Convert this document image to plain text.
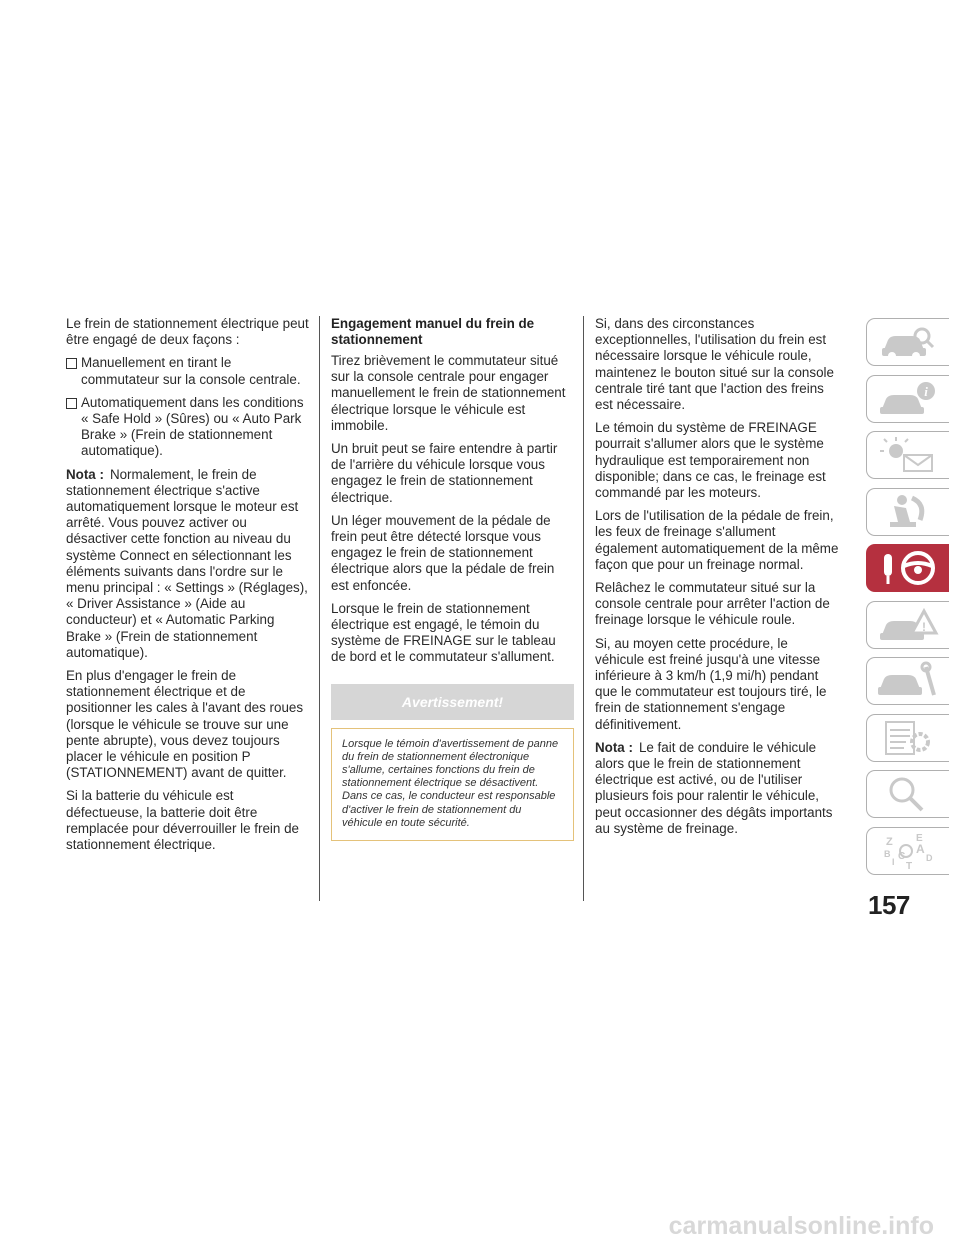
Le frein de stationnement électrique peut être engagé de deux façons :

Manuellement en tirant le commutateur sur la console centrale.

Automatiquement dans les conditions « Safe Hold » (Sûres) ou « Auto Park Brake » (Frein de stationnement automatique).

Nota : Normalement, le frein de stationnement électrique s'active automatiquement lorsque le moteur est arrêté. Vous pouvez activer ou désactiver cette fonction au niveau du système Connect en sélectionnant les éléments suivants dans l'ordre sur le menu principal : « Settings » (Réglages), « Driver Assistance » (Aide au conducteur) et « Automatic Parking Brake » (Frein de stationnement automatique).

En plus d'engager le frein de stationnement électrique et de positionner les cales à l'avant des roues (lorsque le véhicule se trouve sur une pente abrupte), vous devez toujours placer le véhicule en position P (STATIONNEMENT) avant de quitter.

Si la batterie du véhicule est défectueuse, la batterie doit être remplacée pour déverrouiller le frein de stationnement électrique.

Engagement manuel du frein de stationnement

Tirez brièvement le commutateur situé sur la console centrale pour engager manuellement le frein de stationnement électrique lorsque le véhicule est immobile.

Un bruit peut se faire entendre à partir de l'arrière du véhicule lorsque vous engagez le frein de stationnement électrique.

Un léger mouvement de la pédale de frein peut être détecté lorsque vous engagez le frein de stationnement électrique alors que la pédale de frein est enfoncée.

Lorsque le frein de stationnement électrique est engagé, le témoin du système de FREINAGE sur le tableau de bord et le commutateur s'allument.

Avertissement!

Lorsque le témoin d'avertissement de panne du frein de stationnement électronique s'allume, certaines fonctions du frein de stationnement électrique se désactivent. Dans ce cas, le conducteur est responsable d'activer le frein de stationnement du véhicule en toute sécurité.

Si, dans des circonstances exceptionnelles, l'utilisation du frein est nécessaire lorsque le véhicule roule, maintenez le bouton situé sur la console centrale tiré tant que l'action des freins est nécessaire.

Le témoin du système de FREINAGE pourrait s'allumer alors que le système hydraulique est temporairement non disponible; dans ce cas, le freinage est commandé par les moteurs.

Lors de l'utilisation de la pédale de frein, les feux de freinage s'allument également automatiquement de la même façon que pour un freinage normal.

Relâchez le commutateur situé sur la console centrale pour arrêter l'action de freinage lorsque le véhicule roule.

Si, au moyen cette procédure, le véhicule est freiné jusqu'à une vitesse inférieure à 3 km/h (1,9 mi/h) pendant que le commutateur est toujours tiré, le frein de stationnement s'engage définitivement.

Nota : Le fait de conduire le véhicule alors que le frein de stationnement électrique est activé, ou de l'utiliser plusieurs fois pour ralentir le véhicule, peut occasionner des dégâts importants au système de freinage.

i
!
Z E
A
B	D
I C
T
157
carmanualsonline.info
